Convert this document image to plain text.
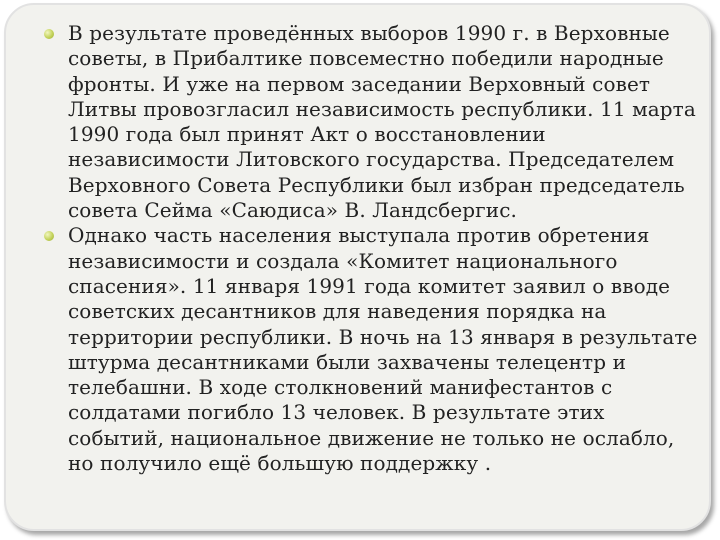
В результате проведённых выборов 1990 г. в Верховные советы, в Прибалтике повсеместно победили народные фронты. И уже на первом заседании Верховный совет Литвы провозгласил независимость республики. 11 марта 1990 года был принят Акт о восстановлении независимости Литовского государства. Председателем Верховного Совета Республики был избран председатель совета Сейма «Саюдиса» В. Ландсбергис.
Однако часть населения выступала против обретения независимости и создала «Комитет национального спасения». 11 января 1991 года комитет заявил о вводе советских десантников для наведения порядка на территории республики. В ночь на 13 января в результате штурма десантниками были захвачены телецентр и телебашни. В ходе столкновений манифестантов с солдатами погибло 13 человек. В результате этих событий, национальное движение не только не ослабло, но получило ещё большую поддержку .
